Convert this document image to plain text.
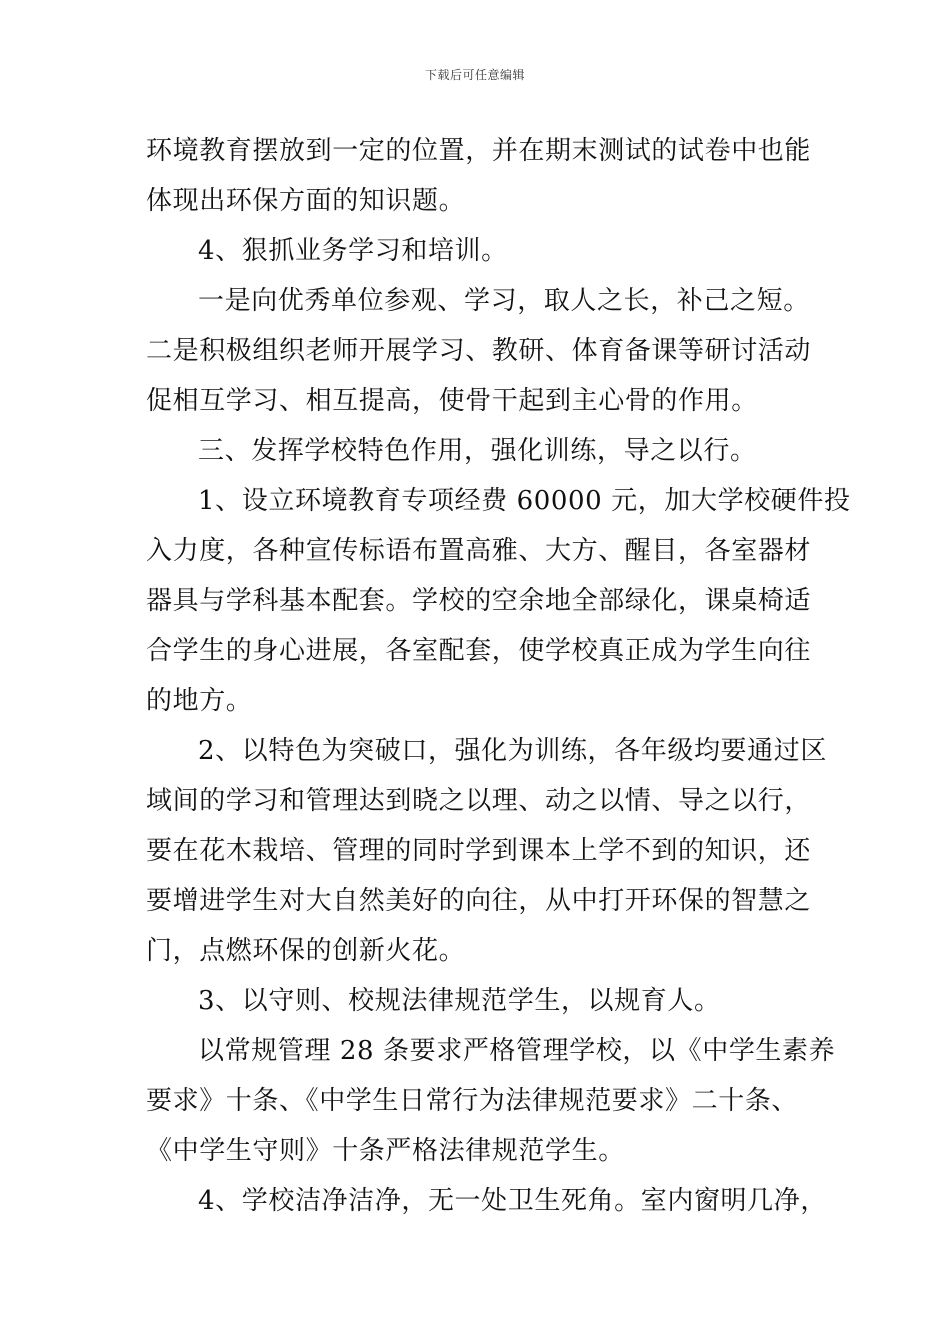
下载后可任意编辑
环境教育摆放到一定的位置，并在期末测试的试卷中也能
体现出环保方面的知识题。
4、狠抓业务学习和培训。
一是向优秀单位参观、学习，取人之长，补己之短。
二是积极组织老师开展学习、教研、体育备课等研讨活动
促相互学习、相互提高，使骨干起到主心骨的作用。
三、发挥学校特色作用，强化训练，导之以行。
1、设立环境教育专项经费 60000 元，加大学校硬件投
入力度，各种宣传标语布置高雅、大方、醒目，各室器材
器具与学科基本配套。学校的空余地全部绿化，课桌椅适
合学生的身心进展，各室配套，使学校真正成为学生向往
的地方。
2、以特色为突破口，强化为训练，各年级均要通过区
域间的学习和管理达到晓之以理、动之以情、导之以行，
要在花木栽培、管理的同时学到课本上学不到的知识，还
要增进学生对大自然美好的向往，从中打开环保的智慧之
门，点燃环保的创新火花。
3、以守则、校规法律规范学生，以规育人。
以常规管理 28 条要求严格管理学校，以《中学生素养
要求》十条、《中学生日常行为法律规范要求》二十条、
《中学生守则》十条严格法律规范学生。
4、学校洁净洁净，无一处卫生死角。室内窗明几净，
